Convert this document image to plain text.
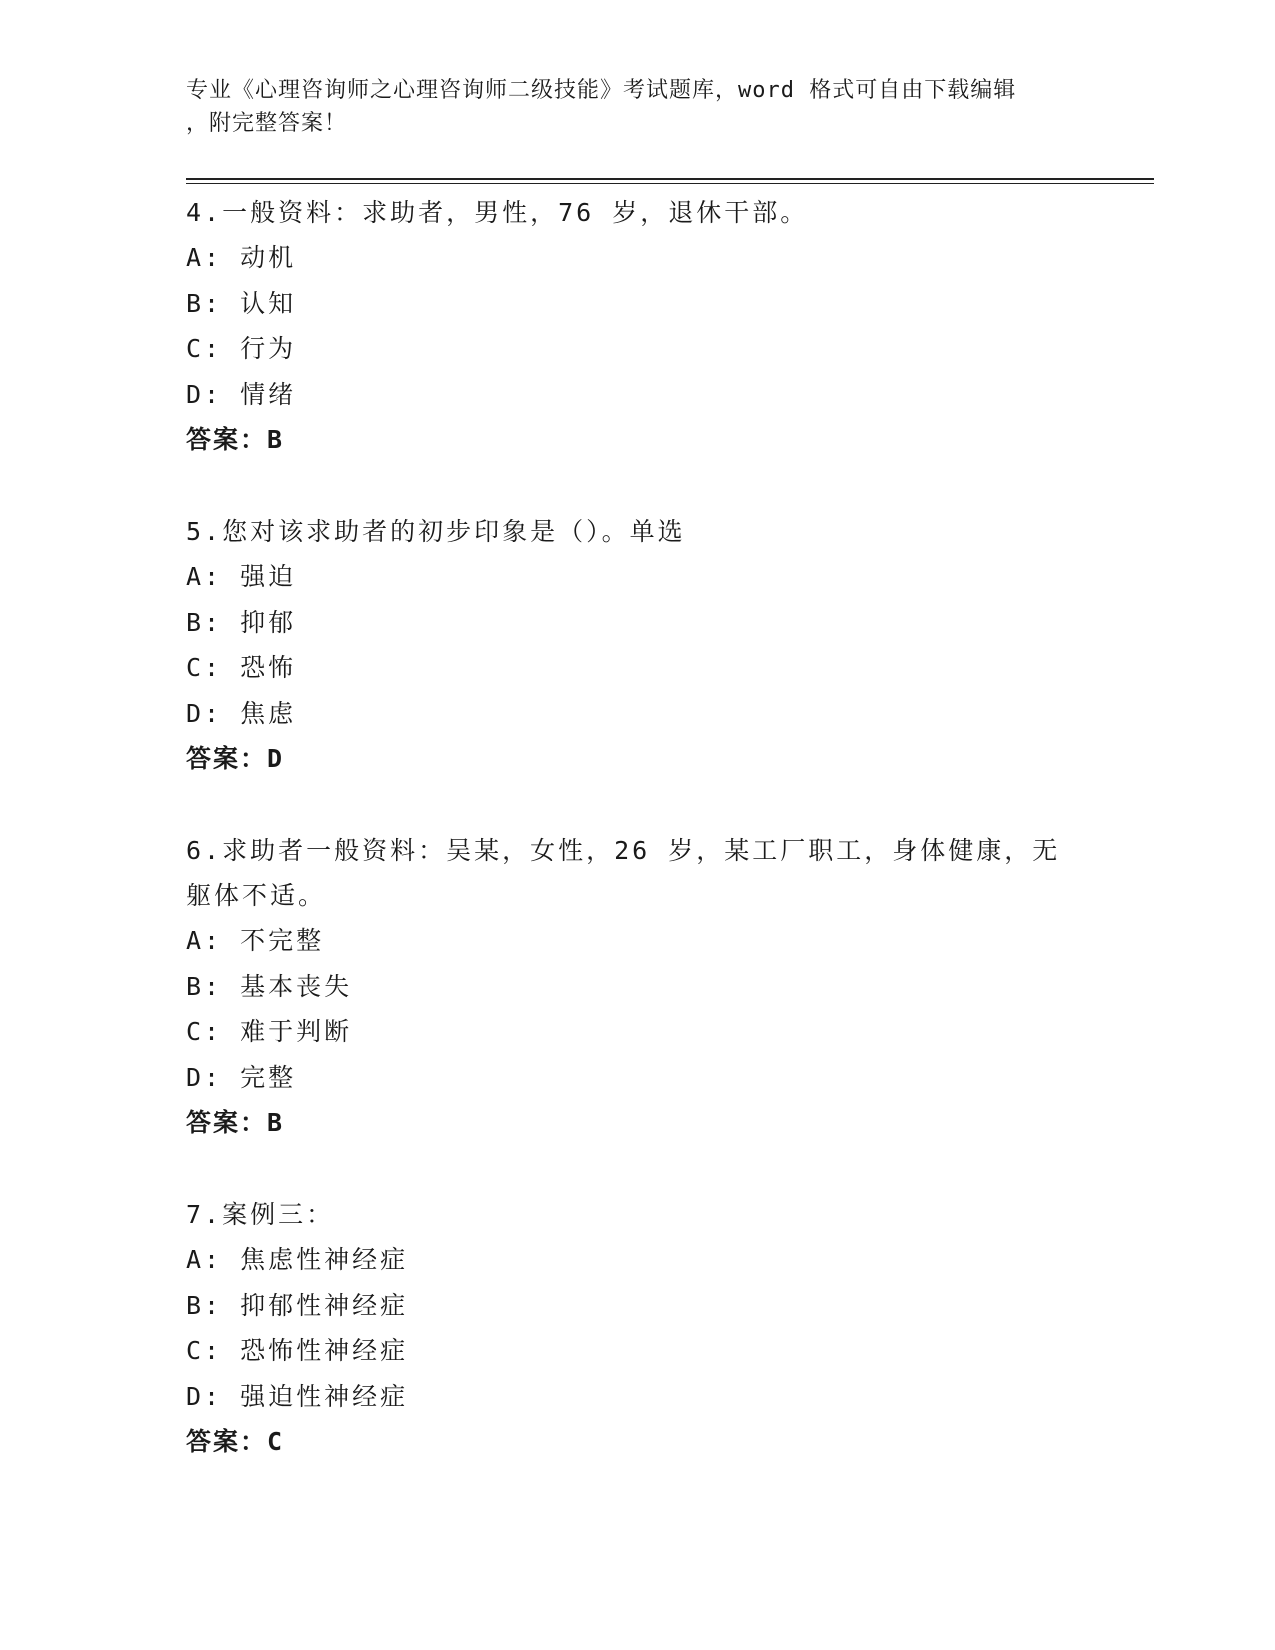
专业《心理咨询师之心理咨询师二级技能》考试题库，word 格式可自由下载编辑
，附完整答案！
4.一般资料：求助者，男性，76 岁，退休干部。
A: 动机
B: 认知
C: 行为
D: 情绪
答案：B
5.您对该求助者的初步印象是（）。单选
A: 强迫
B: 抑郁
C: 恐怖
D: 焦虑
答案：D
6.求助者一般资料：吴某，女性，26 岁，某工厂职工，身体健康，无躯体不适。
A: 不完整
B: 基本丧失
C: 难于判断
D: 完整
答案：B
7.案例三：
A: 焦虑性神经症
B: 抑郁性神经症
C: 恐怖性神经症
D: 强迫性神经症
答案：C
